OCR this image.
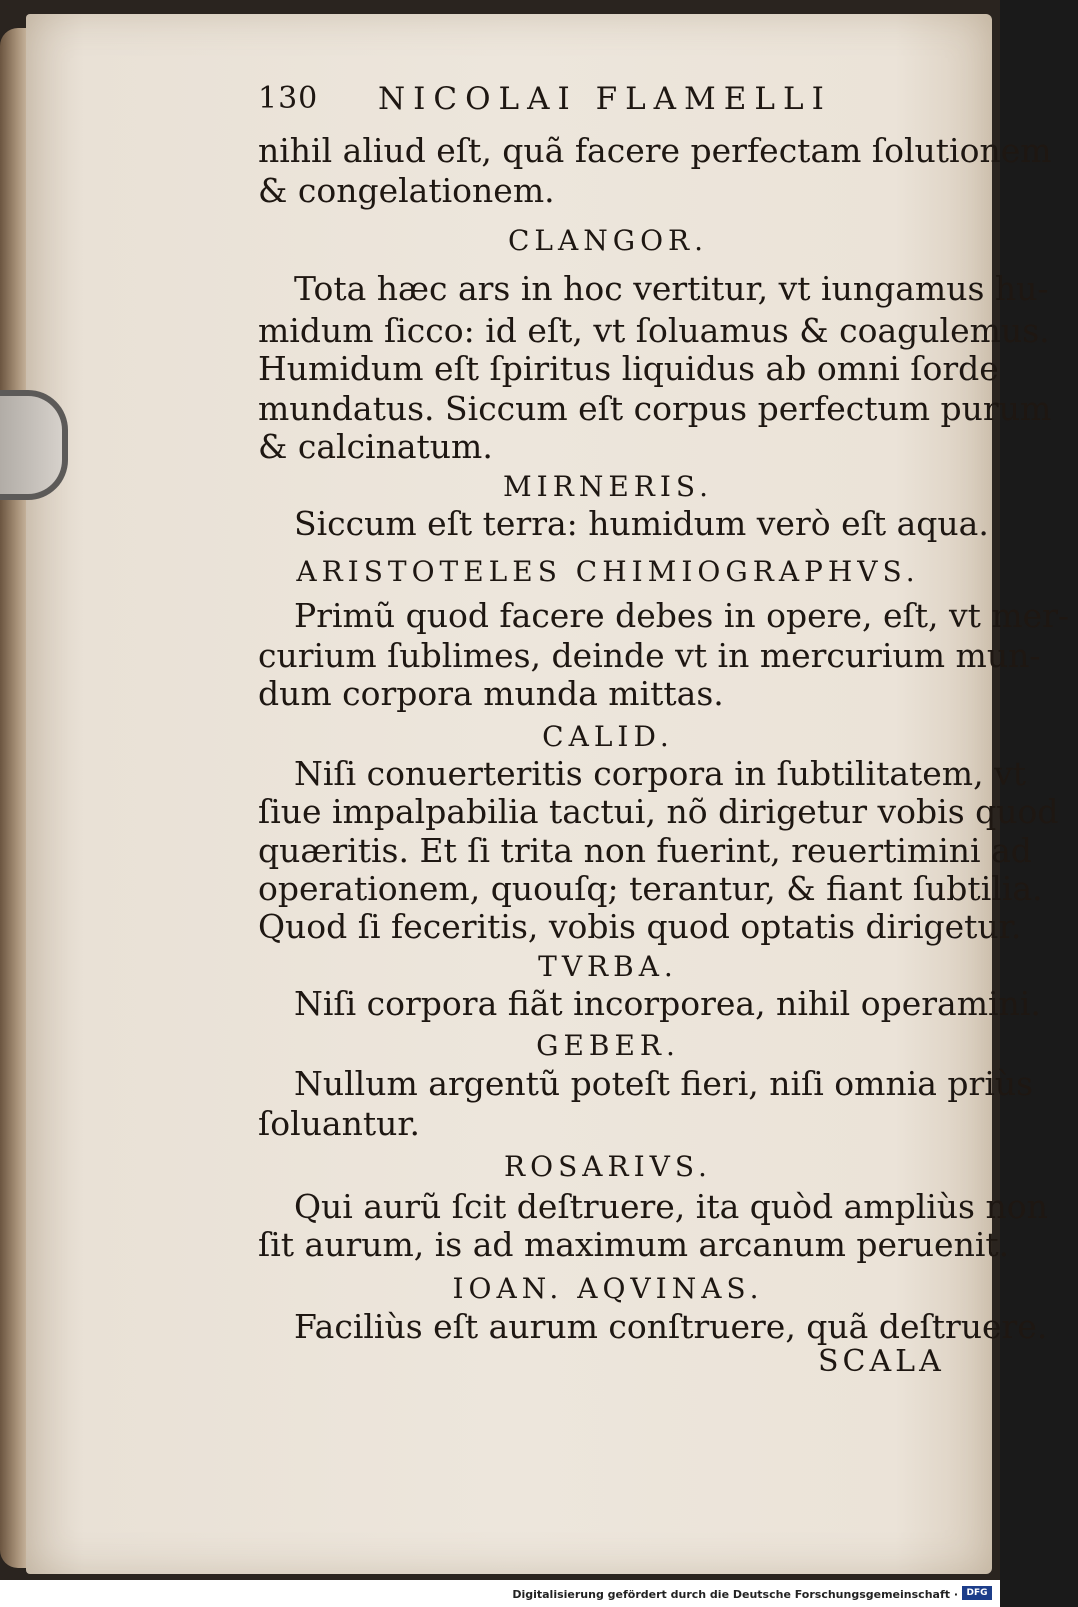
130	NICOLAI FLAMELLI
nihil aliud eſt, quã facere perfectam ſolutionem
& congelationem.
CLANGOR.
Tota hæc ars in hoc vertitur, vt iungamus hu-
midum ſicco: id eſt, vt ſoluamus & coagulemus.
Humidum eſt ſpiritus liquidus ab omni ſorde
mundatus. Siccum eſt corpus perfectum purum
& calcinatum.
MIRNERIS.
Siccum eſt terra: humidum verò eſt aqua.
ARISTOTELES CHIMIOGRAPHVS.
Primũ quod facere debes in opere, eſt, vt mer-
curium ſublimes, deinde vt in mercurium mun-
dum corpora munda mittas.
CALID.
Niſi conuerteritis corpora in ſubtilitatem, vt
ſiue impalpabilia tactui, nõ dirigetur vobis quod
quæritis. Et ſi trita non fuerint, reuertimini ad
operationem, quouſq; terantur, & fiant ſubtilia.
Quod ſi feceritis, vobis quod optatis dirigetur.
TVRBA.
Niſi corpora fiãt incorporea, nihil operamini.
GEBER.
Nullum argentũ poteſt fieri, niſi omnia priùs
ſoluantur.
ROSARIVS.
Qui aurũ ſcit deſtruere, ita quòd ampliùs non
ſit aurum, is ad maximum arcanum peruenit.
IOAN. AQVINAS.
Faciliùs eſt aurum conſtruere, quã deſtruere.
SCALA
Digitalisierung gefördert durch die Deutsche Forschungsgemeinschaft · DFG
